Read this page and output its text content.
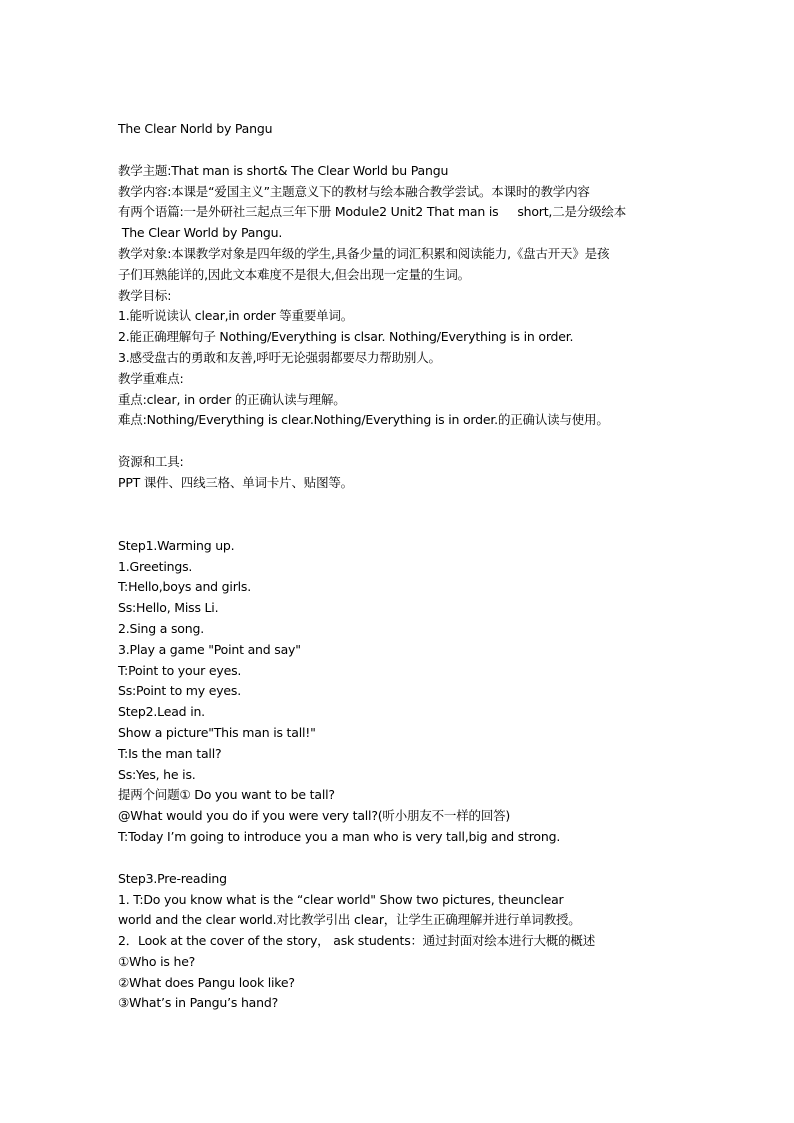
The Clear Norld by Pangu
教学主题:That man is short& The Clear World bu Pangu
教学内容:本课是“爱国主义”主题意义下的教材与绘本融合教学尝试。本课时的教学内容
有两个语篇:一是外研社三起点三年下册 Module2 Unit2 That man is     short,二是分级绘本
The Clear World by Pangu.
教学对象:本课教学对象是四年级的学生,具备少量的词汇积累和阅读能力,《盘古开天》是孩
子们耳熟能详的,因此文本难度不是很大,但会出现一定量的生词。
教学目标:
1.能听说读认 clear,in order 等重要单词。
2.能正确理解句子 Nothing/Everything is clsar. Nothing/Everything is in order.
3.感受盘古的勇敢和友善,呼吁无论强弱都要尽力帮助别人。
教学重难点:
重点:clear, in order 的正确认读与理解。
难点:Nothing/Everything is clear.Nothing/Everything is in order.的正确认读与使用。
资源和工具:
PPT 课件、四线三格、单词卡片、贴图等。
Step1.Warming up.
1.Greetings.
T:Hello,boys and girls.
Ss:Hello, Miss Li.
2.Sing a song.
3.Play a game "Point and say"
T:Point to your eyes.
Ss:Point to my eyes.
Step2.Lead in.
Show a picture"This man is tall!"
T:Is the man tall?
Ss:Yes, he is.
提两个问题① Do you want to be tall?
@What would you do if you were very tall?(听小朋友不一样的回答)
T:Today I’m going to introduce you a man who is very tall,big and strong.
Step3.Pre-reading
1. T:Do you know what is the “clear world" Show two pictures, theunclear
world and the clear world.对比教学引出 clear，让学生正确理解并进行单词教授。
2．Look at the cover of the story， ask students：通过封面对绘本进行大概的概述
①Who is he?
②What does Pangu look like?
③What’s in Pangu’s hand?
